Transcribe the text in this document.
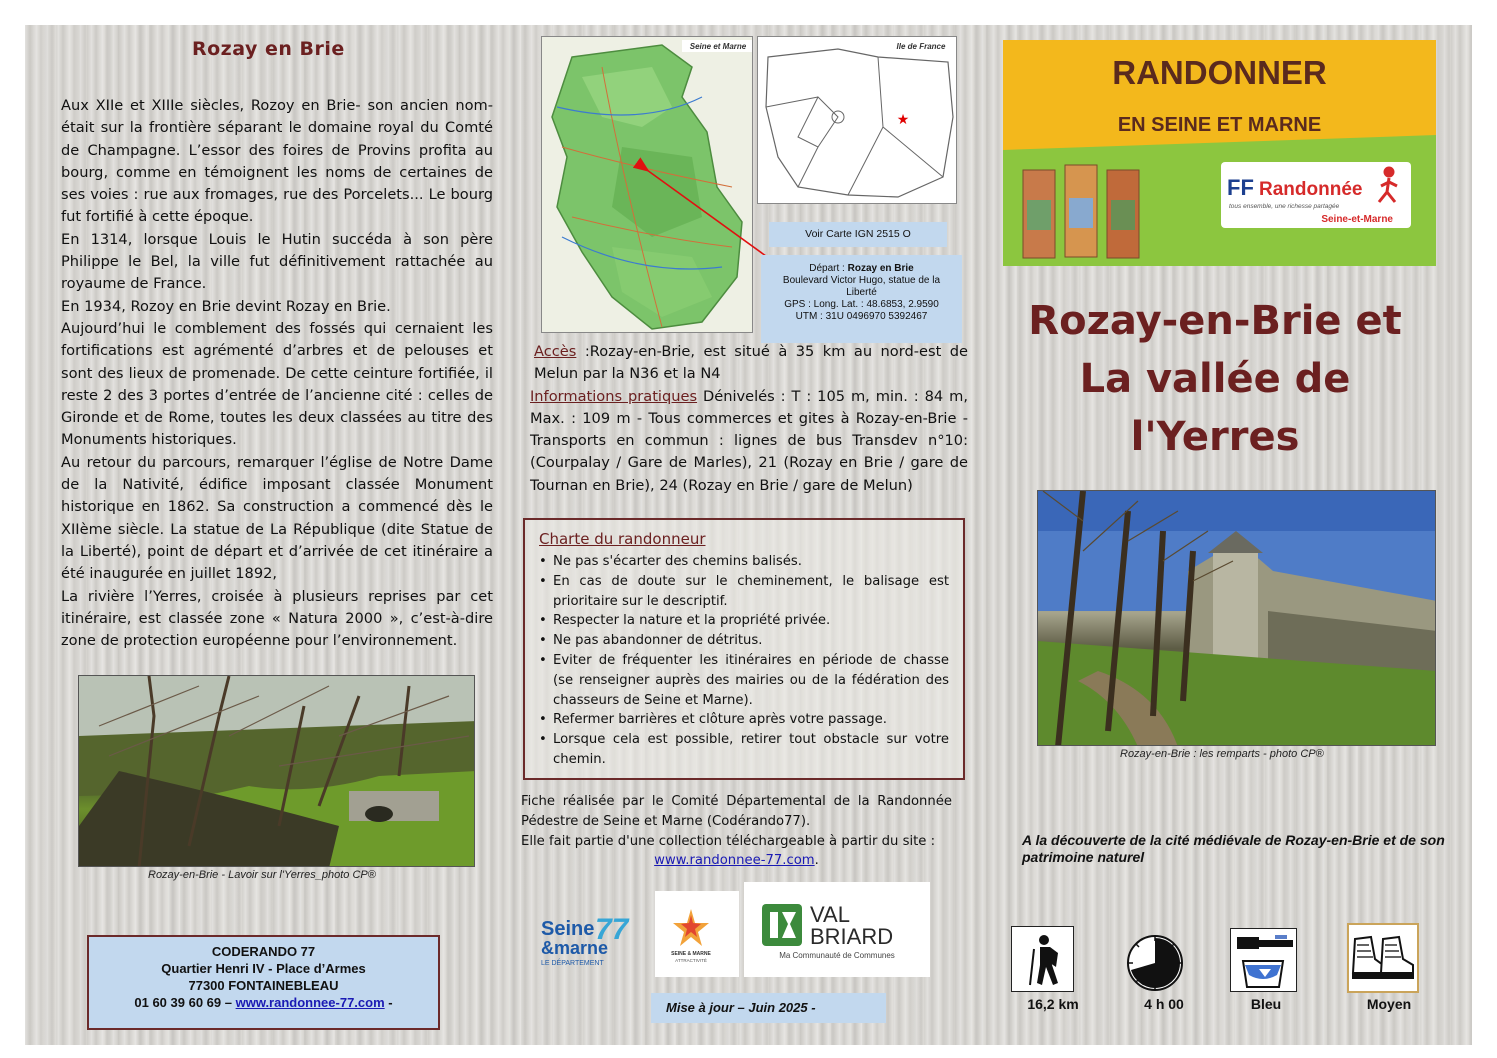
Rozay en Brie

Aux XIIe et XIIIe siècles, Rozoy en Brie- son ancien nom- était sur la frontière séparant le domaine royal du Comté de Champagne. L’essor des foires de Provins profita au bourg, comme en témoignent les noms de certaines de ses voies : rue aux fromages, rue des Porcelets... Le bourg fut fortifié à cette époque.

En 1314, lorsque Louis le Hutin succéda à son père Philippe le Bel, la ville fut définitivement rattachée au royaume de France.

En 1934, Rozoy en Brie devint Rozay en Brie.

Aujourd’hui le comblement des fossés qui cernaient les fortifications est agrémenté d’arbres et de pelouses et sont des lieux de promenade. De cette ceinture fortifiée, il reste 2 des 3 portes d’entrée de l’ancienne cité : celles de Gironde et de Rome, toutes les deux classées au titre des Monuments historiques.

Au retour du parcours, remarquer l’église de Notre Dame de la Nativité, édifice imposant classée Monument historique en 1862. Sa construction a commencé dès le XIIème siècle. La statue de La République (dite Statue de la Liberté), point de départ et d’arrivée de cet itinéraire a été inaugurée en juillet 1892,

La rivière l’Yerres, croisée à plusieurs reprises par cet itinéraire, est classée zone « Natura 2000 », c’est-à-dire zone de protection européenne pour l’environnement.

Rozay-en-Brie - Lavoir sur l'Yerres_photo CP®
CODERANDO 77
Quartier Henri IV - Place d’Armes
77300 FONTAINEBLEAU
01 60 39 60 69 – www.randonnee-77.com -
Seine et Marne
★
Ile de France
Voir Carte IGN 2515 O
Départ : Rozay en Brie
Boulevard Victor Hugo, statue de la Liberté
GPS : Long. Lat. : 48.6853, 2.9590
UTM : 31U 0496970 5392467
Accès :Rozay-en-Brie, est situé à 35 km au nord-est de Melun par la N36 et la N4
Informations pratiques Dénivelés : T : 105 m, min. : 84 m, Max. : 109 m - Tous commerces et gites à Rozay-en-Brie - Transports en commun : lignes de bus Transdev n°10:(Courpalay / Gare de Marles), 21 (Rozay en Brie / gare de Tournan en Brie), 24 (Rozay en Brie / gare de Melun)
Charte du randonneur
• Ne pas s'écarter des chemins balisés.
• En cas de doute sur le cheminement, le balisage est prioritaire sur le descriptif.
• Respecter la nature et la propriété privée.
• Ne pas abandonner de détritus.
• Eviter de fréquenter les itinéraires en période de chasse (se renseigner auprès des mairies ou de la fédération des chasseurs de Seine et Marne).
• Refermer barrières et clôture après votre passage.
• Lorsque cela est possible, retirer tout obstacle sur votre chemin.
Fiche réalisée par le Comité Départemental de la Randonnée Pédestre de Seine et Marne (Codérando77).
Elle fait partie d'une collection téléchargeable à partir du site :
www.randonnee-77.com.
Seine
&marne
77
LE DÉPARTEMENT
SEINE & MARNE
ATTRACTIVITÉ
VAL
BRIARD
Ma Communauté de Communes
Mise à jour – Juin 2025 -
FF Randonnée
tous ensemble, une richesse partagée
Seine-et-Marne
RANDONNER
EN SEINE ET MARNE
Rozay-en-Brie et
La vallée de l'Yerres
Rozay-en-Brie : les remparts - photo CP®
A la découverte de la cité médiévale de Rozay-en-Brie et de son patrimoine naturel
16,2 km	4 h 00	Bleu	Moyen
